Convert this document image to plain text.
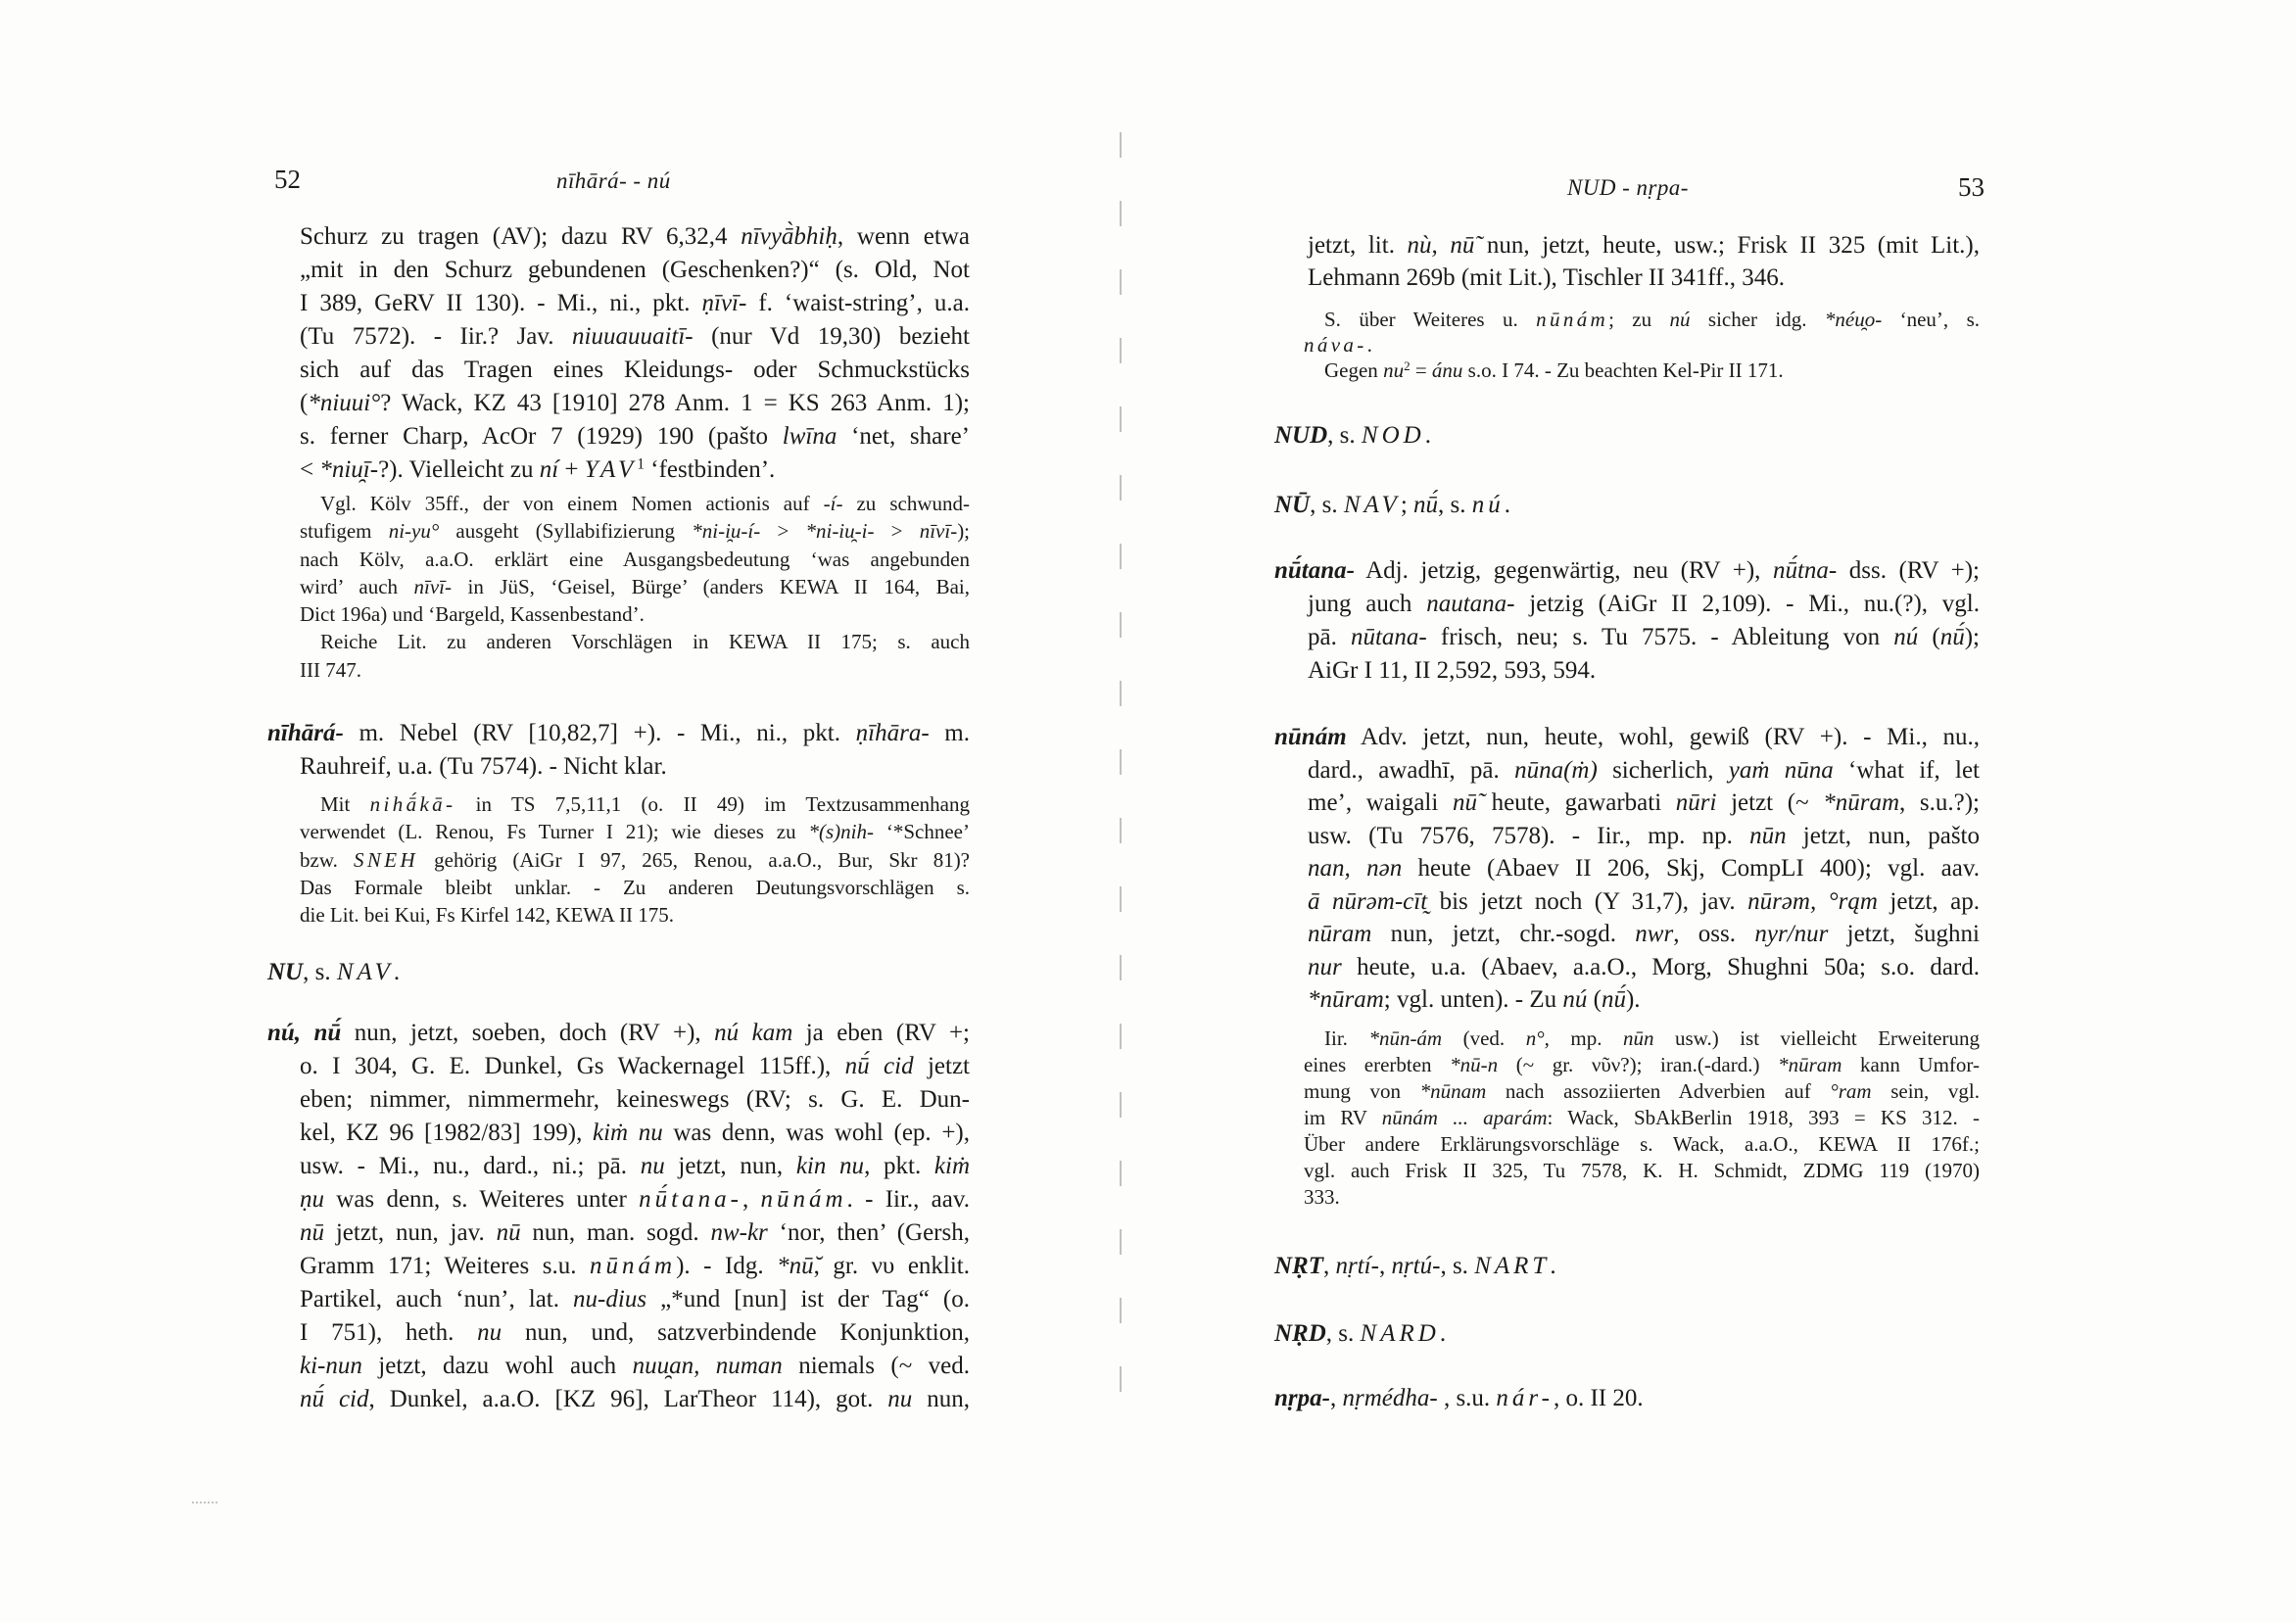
52	nīhārá- - nú
Schurz zu tragen (AV); dazu RV 6,32,4 nīvyā̀bhiḥ, wenn etwa
„mit in den Schurz gebundenen (Geschenken?)“ (s. Old, Not
I 389, GeRV II 130). - Mi., ni., pkt. ṇīvī- f. ‘waist-string’, u.a.
(Tu 7572). - Iir.? Jav. niuuauuaitī- (nur Vd 19,30) bezieht
sich auf das Tragen eines Kleidungs- oder Schmuckstücks
(*niuui°? Wack, KZ 43 [1910] 278 Anm. 1 = KS 263 Anm. 1);
s. ferner Charp, AcOr 7 (1929) 190 (pašto lwīna ‘net, share’
< *niu̯ī-?). Vielleicht zu ní + $YAV^1$ ‘festbinden’.
Vgl. Kölv 35ff., der von einem Nomen actionis auf -í- zu schwund-
stufigem ni-yu° ausgeht (Syllabifizierung *ni-i̯u-í- > *ni-iu̯-i- > nīvī-);
nach Kölv, a.a.O. erklärt eine Ausgangsbedeutung ‘was angebunden
wird’ auch nīvī- in JüS, ‘Geisel, Bürge’ (anders KEWA II 164, Bai,
Dict 196a) und ‘Bargeld, Kassenbestand’.
Reiche Lit. zu anderen Vorschlägen in KEWA II 175; s. auch
III 747.
nīhārá- m. Nebel (RV [10,82,7] +). - Mi., ni., pkt. ṇīhāra- m.
Rauhreif, u.a. (Tu 7574). - Nicht klar.
Mit nihā́kā- in TS 7,5,11,1 (o. II 49) im Textzusammenhang
verwendet (L. Renou, Fs Turner I 21); wie dieses zu *(s)nih- ‘*Schnee’
bzw. SNEH gehörig (AiGr I 97, 265, Renou, a.a.O., Bur, Skr 81)?
Das Formale bleibt unklar. - Zu anderen Deutungsvorschlägen s.
die Lit. bei Kui, Fs Kirfel 142, KEWA II 175.
NU, s. NAV.
nú, nū́ nun, jetzt, soeben, doch (RV +), nú kam ja eben (RV +;
o. I 304, G. E. Dunkel, Gs Wackernagel 115ff.), nū́ cid jetzt
eben; nimmer, nimmermehr, keineswegs (RV; s. G. E. Dun-
kel, KZ 96 [1982/83] 199), kiṁ nu was denn, was wohl (ep. +),
usw. - Mi., nu., dard., ni.; pā. nu jetzt, nun, kin nu, pkt. kiṁ
ṇu was denn, s. Weiteres unter nū́tana-, nūnám. - Iir., aav.
nū jetzt, nun, jav. nū nun, man. sogd. nw-kr ‘nor, then’ (Gersh,
Gramm 171; Weiteres s.u. nūnám). - Idg. *nū̆, gr. νυ enklit.
Partikel, auch ‘nun’, lat. nu-dius „*und [nun] ist der Tag“ (o.
I 751), heth. nu nun, und, satzverbindende Konjunktion,
ki-nun jetzt, dazu wohl auch nuu̯an, numan niemals (~ ved.
nū́ cid, Dunkel, a.a.O. [KZ 96], LarTheor 114), got. nu nun,
NUD - nṛpa-	53
jetzt, lit. nù, nū̃ nun, jetzt, heute, usw.; Frisk II 325 (mit Lit.),
Lehmann 269b (mit Lit.), Tischler II 341ff., 346.
S. über Weiteres u. nūnám; zu nú sicher idg. *néu̯o- ‘neu’, s.
náva-.
Gegen $nu^2$ = ánu s.o. I 74. - Zu beachten Kel-Pir II 171.
NUD, s. NOD.
NŪ, s. NAV; nū́, s. nú.
nū́tana- Adj. jetzig, gegenwärtig, neu (RV +), nū́tna- dss. (RV +);
jung auch nautana- jetzig (AiGr II 2,109). - Mi., nu.(?), vgl.
pā. nūtana- frisch, neu; s. Tu 7575. - Ableitung von nú (nū́);
AiGr I 11, II 2,592, 593, 594.
nūnám Adv. jetzt, nun, heute, wohl, gewiß (RV +). - Mi., nu.,
dard., awadhī, pā. nūna(ṁ) sicherlich, yaṁ nūna ‘what if, let
me’, waigali nū̃ heute, gawarbati nūri jetzt (~ *nūram, s.u.?);
usw. (Tu 7576, 7578). - Iir., mp. np. nūn jetzt, nun, pašto
nan, nən heute (Abaev II 206, Skj, CompLI 400); vgl. aav.
ā nūrəm-cīt̰ bis jetzt noch (Y 31,7), jav. nūrəm, °rąm jetzt, ap.
nūram nun, jetzt, chr.-sogd. nwr, oss. nyr/nur jetzt, šughni
nur heute, u.a. (Abaev, a.a.O., Morg, Shughni 50a; s.o. dard.
*nūram; vgl. unten). - Zu nú (nū́).
Iir. *nūn-ám (ved. n°, mp. nūn usw.) ist vielleicht Erweiterung
eines ererbten *nū-n (~ gr. νῦν?); iran.(-dard.) *nūram kann Umfor-
mung von *nūnam nach assoziierten Adverbien auf °ram sein, vgl.
im RV nūnám ... aparám: Wack, SbAkBerlin 1918, 393 = KS 312. -
Über andere Erklärungsvorschläge s. Wack, a.a.O., KEWA II 176f.;
vgl. auch Frisk II 325, Tu 7578, K. H. Schmidt, ZDMG 119 (1970)
333.
NṚT, nṛtí-, nṛtú-, s. NART.
NṚD, s. NARD.
nṛpa-, nṛmédha- , s.u. nár-, o. II 20.
